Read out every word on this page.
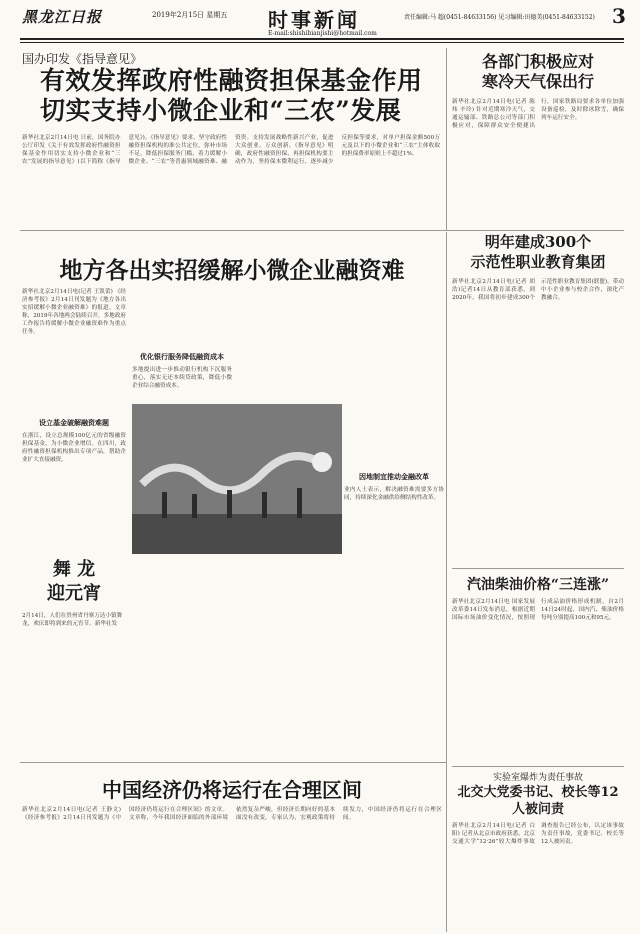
黑龙江日报	2019年2月15日 星期五 时事新闻
E-mail:shishibianjishi@hotmail.com
责任编辑:马 超(0451-84633156) 见习编辑:田德美(0451-84633152) 3
国办印发《指导意见》
有效发挥政府性融资担保基金作用
切实支持小微企业和“三农”发展
新华社北京2月14日电 日前，国务院办公厅印发《关于有效发挥政府性融资担保基金作用切实支持小微企业和“三农”发展的指导意见》(以下简称《指导意见》)。《指导意见》要求，坚守政府性融资担保机构的准公共定位，弥补市场不足，降低担保服务门槛，着力缓解小微企业、“三农”等普惠领域融资难、融资贵。支持发展战略性新兴产业，促进大众创业、万众创新。《指导意见》明确，政府性融资担保、再担保机构要主动作为，坚持保本微利运行，逐步减少反担保等要求，对单户担保金额500万元及以下的小微企业和“三农”主体收取的担保费率原则上不超过1%。
各部门积极应对
寒冷天气保出行
新华社北京2月14日电(记者 陈 炜 辛玲) 针对近期寒冷天气，交通运输部、铁路总公司等部门积极应对，保障群众安全便捷出行。国家铁路局要求各单位加强设备巡检，及时除冰除雪，确保列车运行安全。
地方各出实招缓解小微企业融资难
明年建成300个
示范性职业教育集团
新华社北京2月14日电(记者 胡浩)记者14日从教育部获悉，到2020年，我国将初步建成300个示范性职业教育集团(联盟)，带动中小企业参与校企合作，深化产教融合。
新华社北京2月14日电(记者 王凯蕾) 《经济参考报》2月14日刊发题为《地方各出实招缓解小微企业融资难》的报道。文章称，2019年各地两会陆续召开，多地政府工作报告将缓解小微企业融资难作为重点任务。
设立基金破解融资难题
在浙江，设立总规模100亿元的省级融资担保基金，为小微企业增信。在四川，政府性融资担保机构推出专项产品，帮助企业扩大直接融资。
优化银行服务降低融资成本
多地提出进一步推动银行机构下沉服务重心，落实无还本续贷政策，降低小微企业综合融资成本。
因地制宜推动金融改革
业内人士表示，解决融资难需要多方协同，持续深化金融供给侧结构性改革。
舞 龙
迎元宵
2月14日，人们在贵州省丹寨万达小镇舞龙，欢庆即将到来的元宵节。新华社发
汽油柴油价格“三连涨”
新华社北京2月14日电 国家发展改革委14日发布消息，根据近期国际市场油价变化情况，按照现行成品油价格形成机制，自2月14日24时起，国内汽、柴油价格每吨分别提高100元和95元。
实验室爆炸为责任事故
北交大党委书记、校长等12人被问责
新华社北京2月14日电(记者 白阳) 记者从北京市政府获悉，北京交通大学“12·26”较大爆炸事故调查报告已经公布，认定该事故为责任事故，党委书记、校长等12人被问责。
中国经济仍将运行在合理区间
新华社北京2月14日电(记者 王静文) 《经济参考报》2月14日刊发题为《中国经济仍将运行在合理区间》的文章。文章称，今年我国经济面临的外部环境依然复杂严峻，但经济长期向好的基本面没有改变。专家认为，宏观政策将持续发力，中国经济仍将运行在合理区间。
